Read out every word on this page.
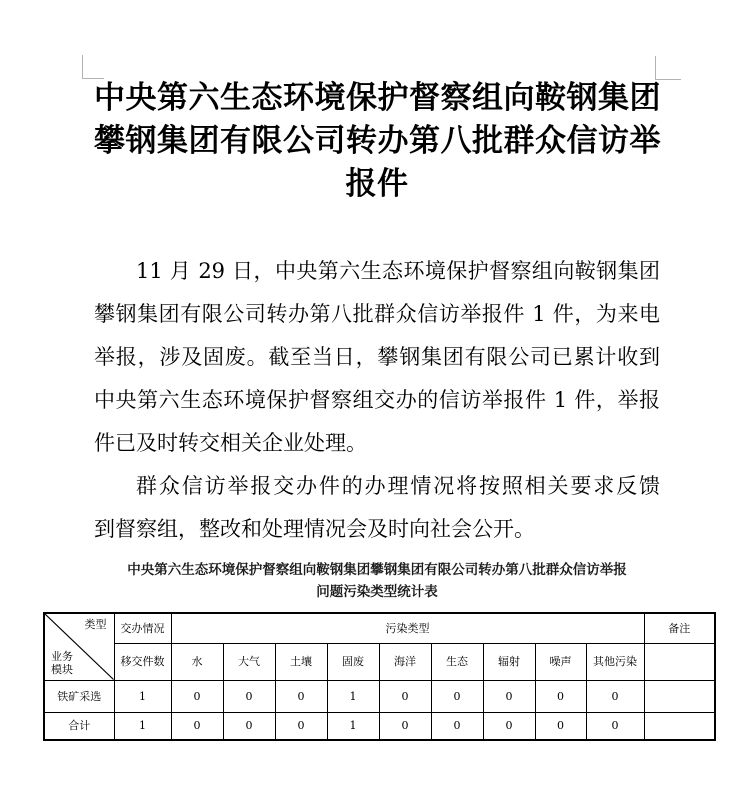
中央第六生态环境保护督察组向鞍钢集团
攀钢集团有限公司转办第八批群众信访举
报件
11 月 29 日，中央第六生态环境保护督察组向鞍钢集团
攀钢集团有限公司转办第八批群众信访举报件 1 件，为来电
举报，涉及固废。截至当日，攀钢集团有限公司已累计收到
中央第六生态环境保护督察组交办的信访举报件 1 件，举报
件已及时转交相关企业处理。
群众信访举报交办件的办理情况将按照相关要求反馈
到督察组，整改和处理情况会及时向社会公开。
中央第六生态环境保护督察组向鞍钢集团攀钢集团有限公司转办第八批群众信访举报
问题污染类型统计表
类型
业务
模块	交办情况	污染类型									备注
	移交件数	水	大气	土壤	固废	海洋	生态	辐射	噪声	其他污染	
铁矿采选	1	0	0	0	1	0	0	0	0	0	
合计	1	0	0	0	1	0	0	0	0	0	
